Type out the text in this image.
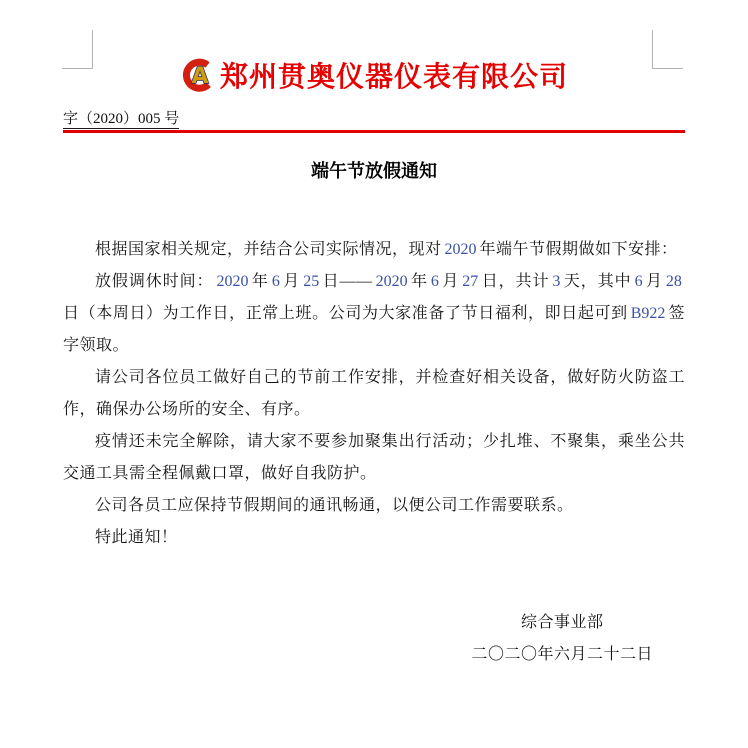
A 郑州贯奥仪器仪表有限公司
字（2020）005 号
端午节放假通知

根据国家相关规定，并结合公司实际情况，现对 2020 年端午节假期做如下安排：

放假调休时间： 2020 年 6 月 25 日—— 2020 年 6 月 27 日，共计 3 天，其中 6 月 28日（本周日）为工作日，正常上班。公司为大家准备了节日福利，即日起可到 B922 签字领取。

请公司各位员工做好自己的节前工作安排，并检查好相关设备，做好防火防盗工作，确保办公场所的安全、有序。

疫情还未完全解除，请大家不要参加聚集出行活动；少扎堆、不聚集，乘坐公共交通工具需全程佩戴口罩，做好自我防护。

公司各员工应保持节假期间的通讯畅通，以便公司工作需要联系。

特此通知！

综合事业部
二〇二〇年六月二十二日
